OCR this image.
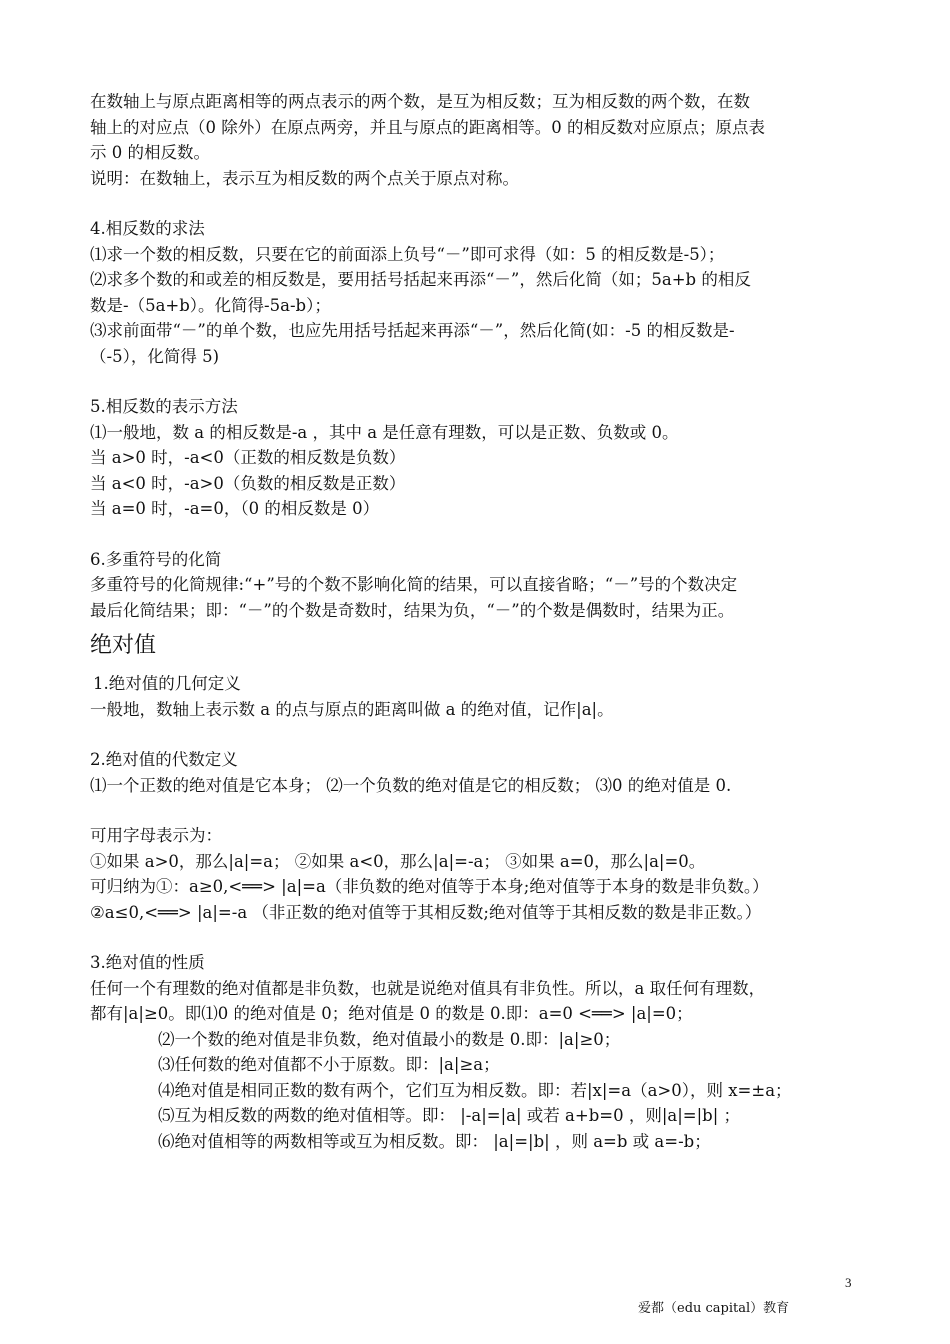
在数轴上与原点距离相等的两点表示的两个数，是互为相反数；互为相反数的两个数，在数

轴上的对应点（0 除外）在原点两旁，并且与原点的距离相等。0 的相反数对应原点；原点表

示 0 的相反数。

说明：在数轴上，表示互为相反数的两个点关于原点对称。

4.相反数的求法

⑴求一个数的相反数，只要在它的前面添上负号“－”即可求得（如：5 的相反数是-5）；

⑵求多个数的和或差的相反数是，要用括号括起来再添“－”，然后化简（如；5a+b 的相反

数是-（5a+b）。化简得-5a-b）；

⑶求前面带“－”的单个数，也应先用括号括起来再添“－”，然后化简(如：-5 的相反数是-

（-5），化简得 5)

5.相反数的表示方法

⑴一般地，数 a 的相反数是-a ，其中 a 是任意有理数，可以是正数、负数或 0。

当 a>0 时，-a<0（正数的相反数是负数）

当 a<0 时，-a>0（负数的相反数是正数）

当 a=0 时，-a=0，（0 的相反数是 0）

6.多重符号的化简

多重符号的化简规律:“+”号的个数不影响化简的结果，可以直接省略；“－”号的个数决定

最后化简结果；即：“－”的个数是奇数时，结果为负，“－”的个数是偶数时，结果为正。

绝对值

1.绝对值的几何定义

一般地，数轴上表示数 a 的点与原点的距离叫做 a 的绝对值，记作|a|。

2.绝对值的代数定义

⑴一个正数的绝对值是它本身； ⑵一个负数的绝对值是它的相反数； ⑶0 的绝对值是 0.

可用字母表示为：

①如果 a>0，那么|a|=a； ②如果 a<0，那么|a|=-a； ③如果 a=0，那么|a|=0。

可归纳为①：a≥0,<══> |a|=a（非负数的绝对值等于本身;绝对值等于本身的数是非负数。）

②a≤0,<══> |a|=-a （非正数的绝对值等于其相反数;绝对值等于其相反数的数是非正数。）

3.绝对值的性质

任何一个有理数的绝对值都是非负数，也就是说绝对值具有非负性。所以，a 取任何有理数，

都有|a|≥0。即⑴0 的绝对值是 0；绝对值是 0 的数是 0.即：a=0 <══> |a|=0；

⑵一个数的绝对值是非负数，绝对值最小的数是 0.即：|a|≥0；

⑶任何数的绝对值都不小于原数。即：|a|≥a；

⑷绝对值是相同正数的数有两个，它们互为相反数。即：若|x|=a（a>0），则 x=±a；

⑸互为相反数的两数的绝对值相等。即： |-a|=|a| 或若 a+b=0 ，则|a|=|b| ；

⑹绝对值相等的两数相等或互为相反数。即： |a|=|b| ，则 a=b 或 a=-b；

3
爱都（edu capital）教育
